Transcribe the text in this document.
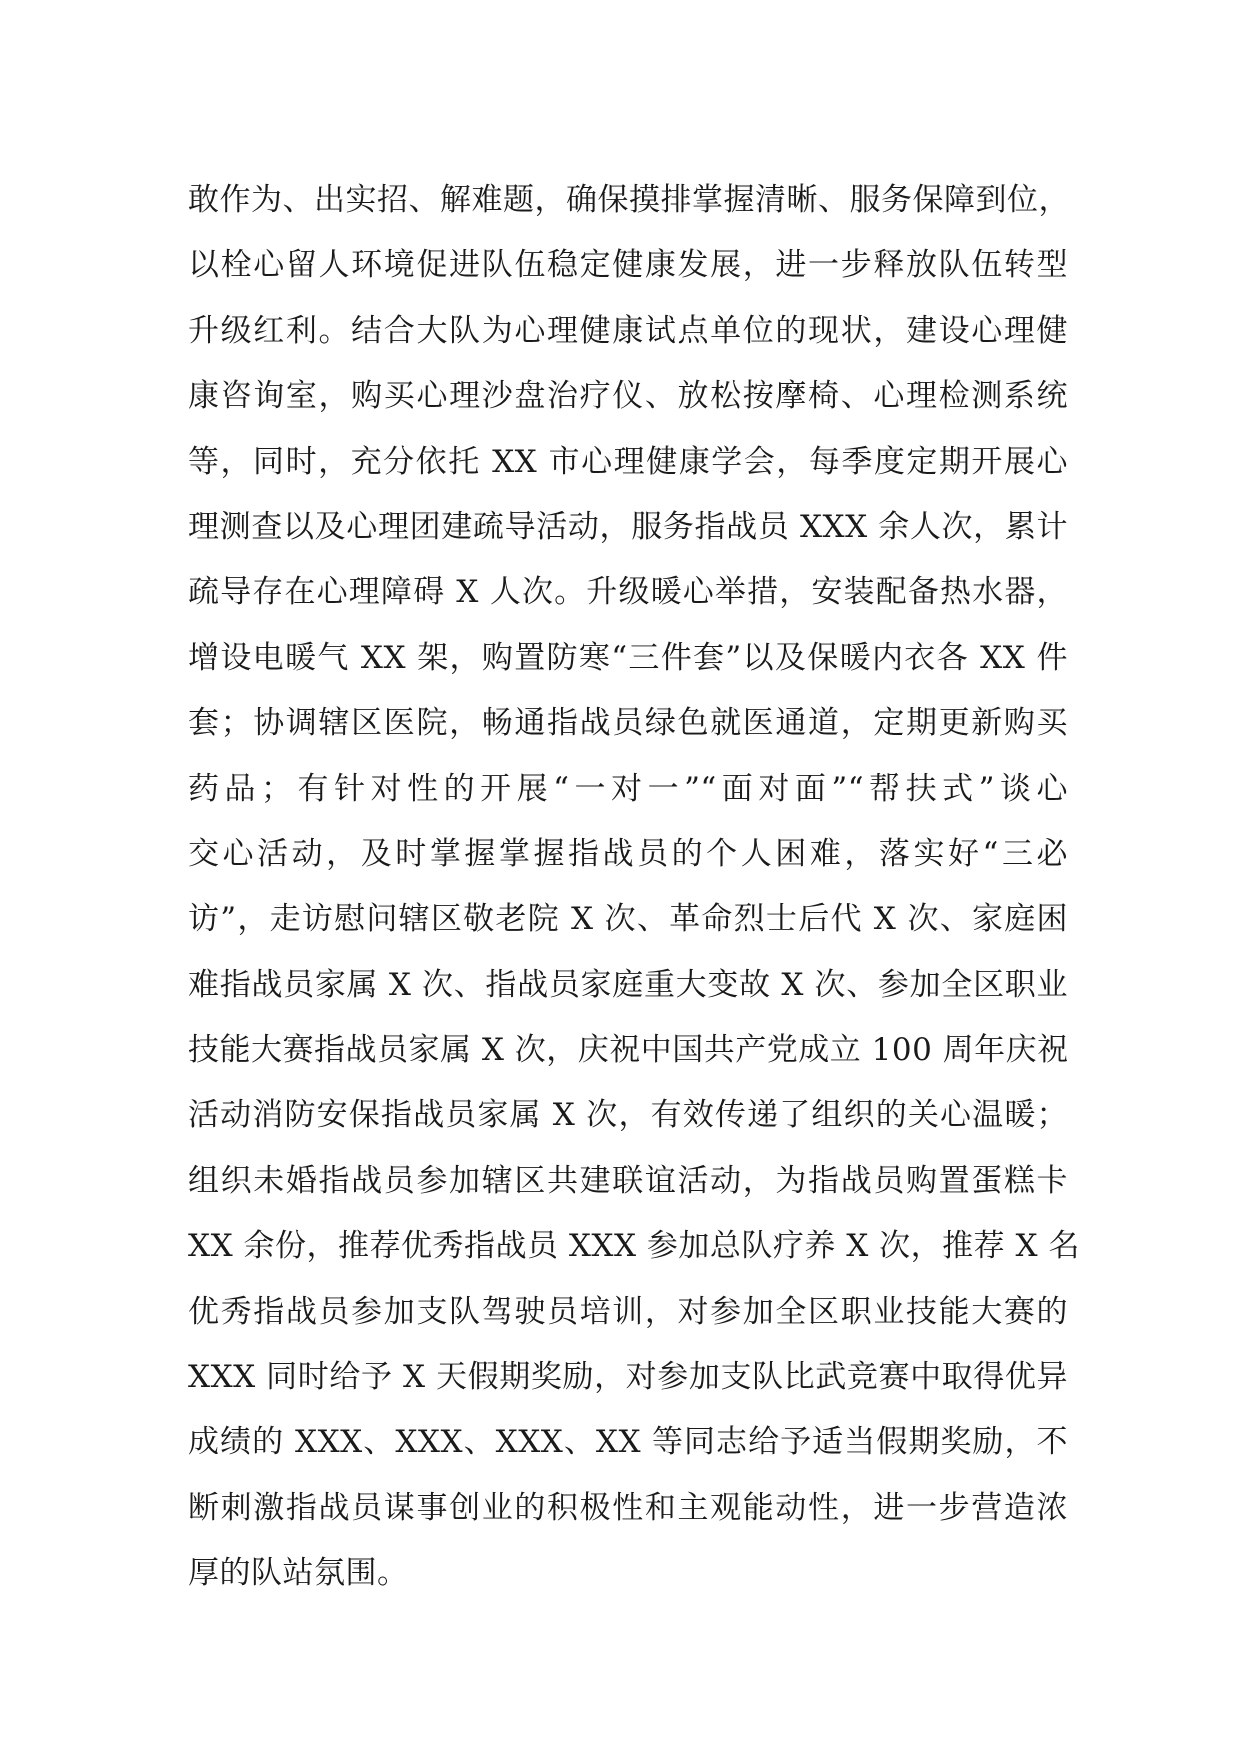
敢作为、出实招、解难题，确保摸排掌握清晰、服务保障到位，
以栓心留人环境促进队伍稳定健康发展，进一步释放队伍转型
升级红利。结合大队为心理健康试点单位的现状，建设心理健
康咨询室，购买心理沙盘治疗仪、放松按摩椅、心理检测系统
等，同时，充分依托 XX 市心理健康学会，每季度定期开展心
理测查以及心理团建疏导活动，服务指战员 XXX 余人次，累计
疏导存在心理障碍 X 人次。升级暖心举措，安装配备热水器，
增设电暖气 XX 架，购置防寒“三件套”以及保暖内衣各 XX 件
套；协调辖区医院，畅通指战员绿色就医通道，定期更新购买
药品；有针对性的开展“一对一”“面对面”“帮扶式”谈心
交心活动，及时掌握掌握指战员的个人困难，落实好“三必
访”，走访慰问辖区敬老院 X 次、革命烈士后代 X 次、家庭困
难指战员家属 X 次、指战员家庭重大变故 X 次、参加全区职业
技能大赛指战员家属 X 次，庆祝中国共产党成立 100 周年庆祝
活动消防安保指战员家属 X 次，有效传递了组织的关心温暖；
组织未婚指战员参加辖区共建联谊活动，为指战员购置蛋糕卡
XX 余份，推荐优秀指战员 XXX 参加总队疗养 X 次，推荐 X 名
优秀指战员参加支队驾驶员培训，对参加全区职业技能大赛的
XXX 同时给予 X 天假期奖励，对参加支队比武竞赛中取得优异
成绩的 XXX、XXX、XXX、XX 等同志给予适当假期奖励，不
断刺激指战员谋事创业的积极性和主观能动性，进一步营造浓
厚的队站氛围。
